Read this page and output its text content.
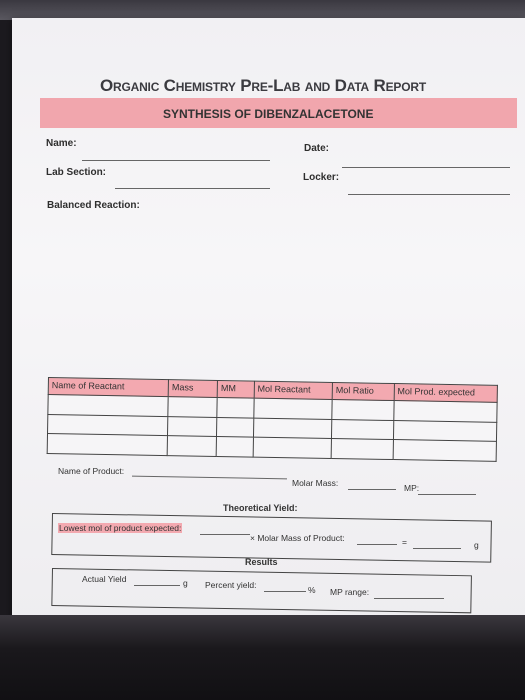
Organic Chemistry Pre-Lab and Data Report
SYNTHESIS OF DIBENZALACETONE
Name:	Date:
Lab Section:	Locker:
Balanced Reaction:
Name of Reactant	Mass	MM	Mol Reactant	Mol Ratio	Mol Prod. expected

Name of Product:
Molar Mass:	MP:
Theoretical Yield:
Lowest mol of product expected:
× Molar Mass of Product:	=	g
Results
Actual Yield	g Percent yield:	% MP range:
